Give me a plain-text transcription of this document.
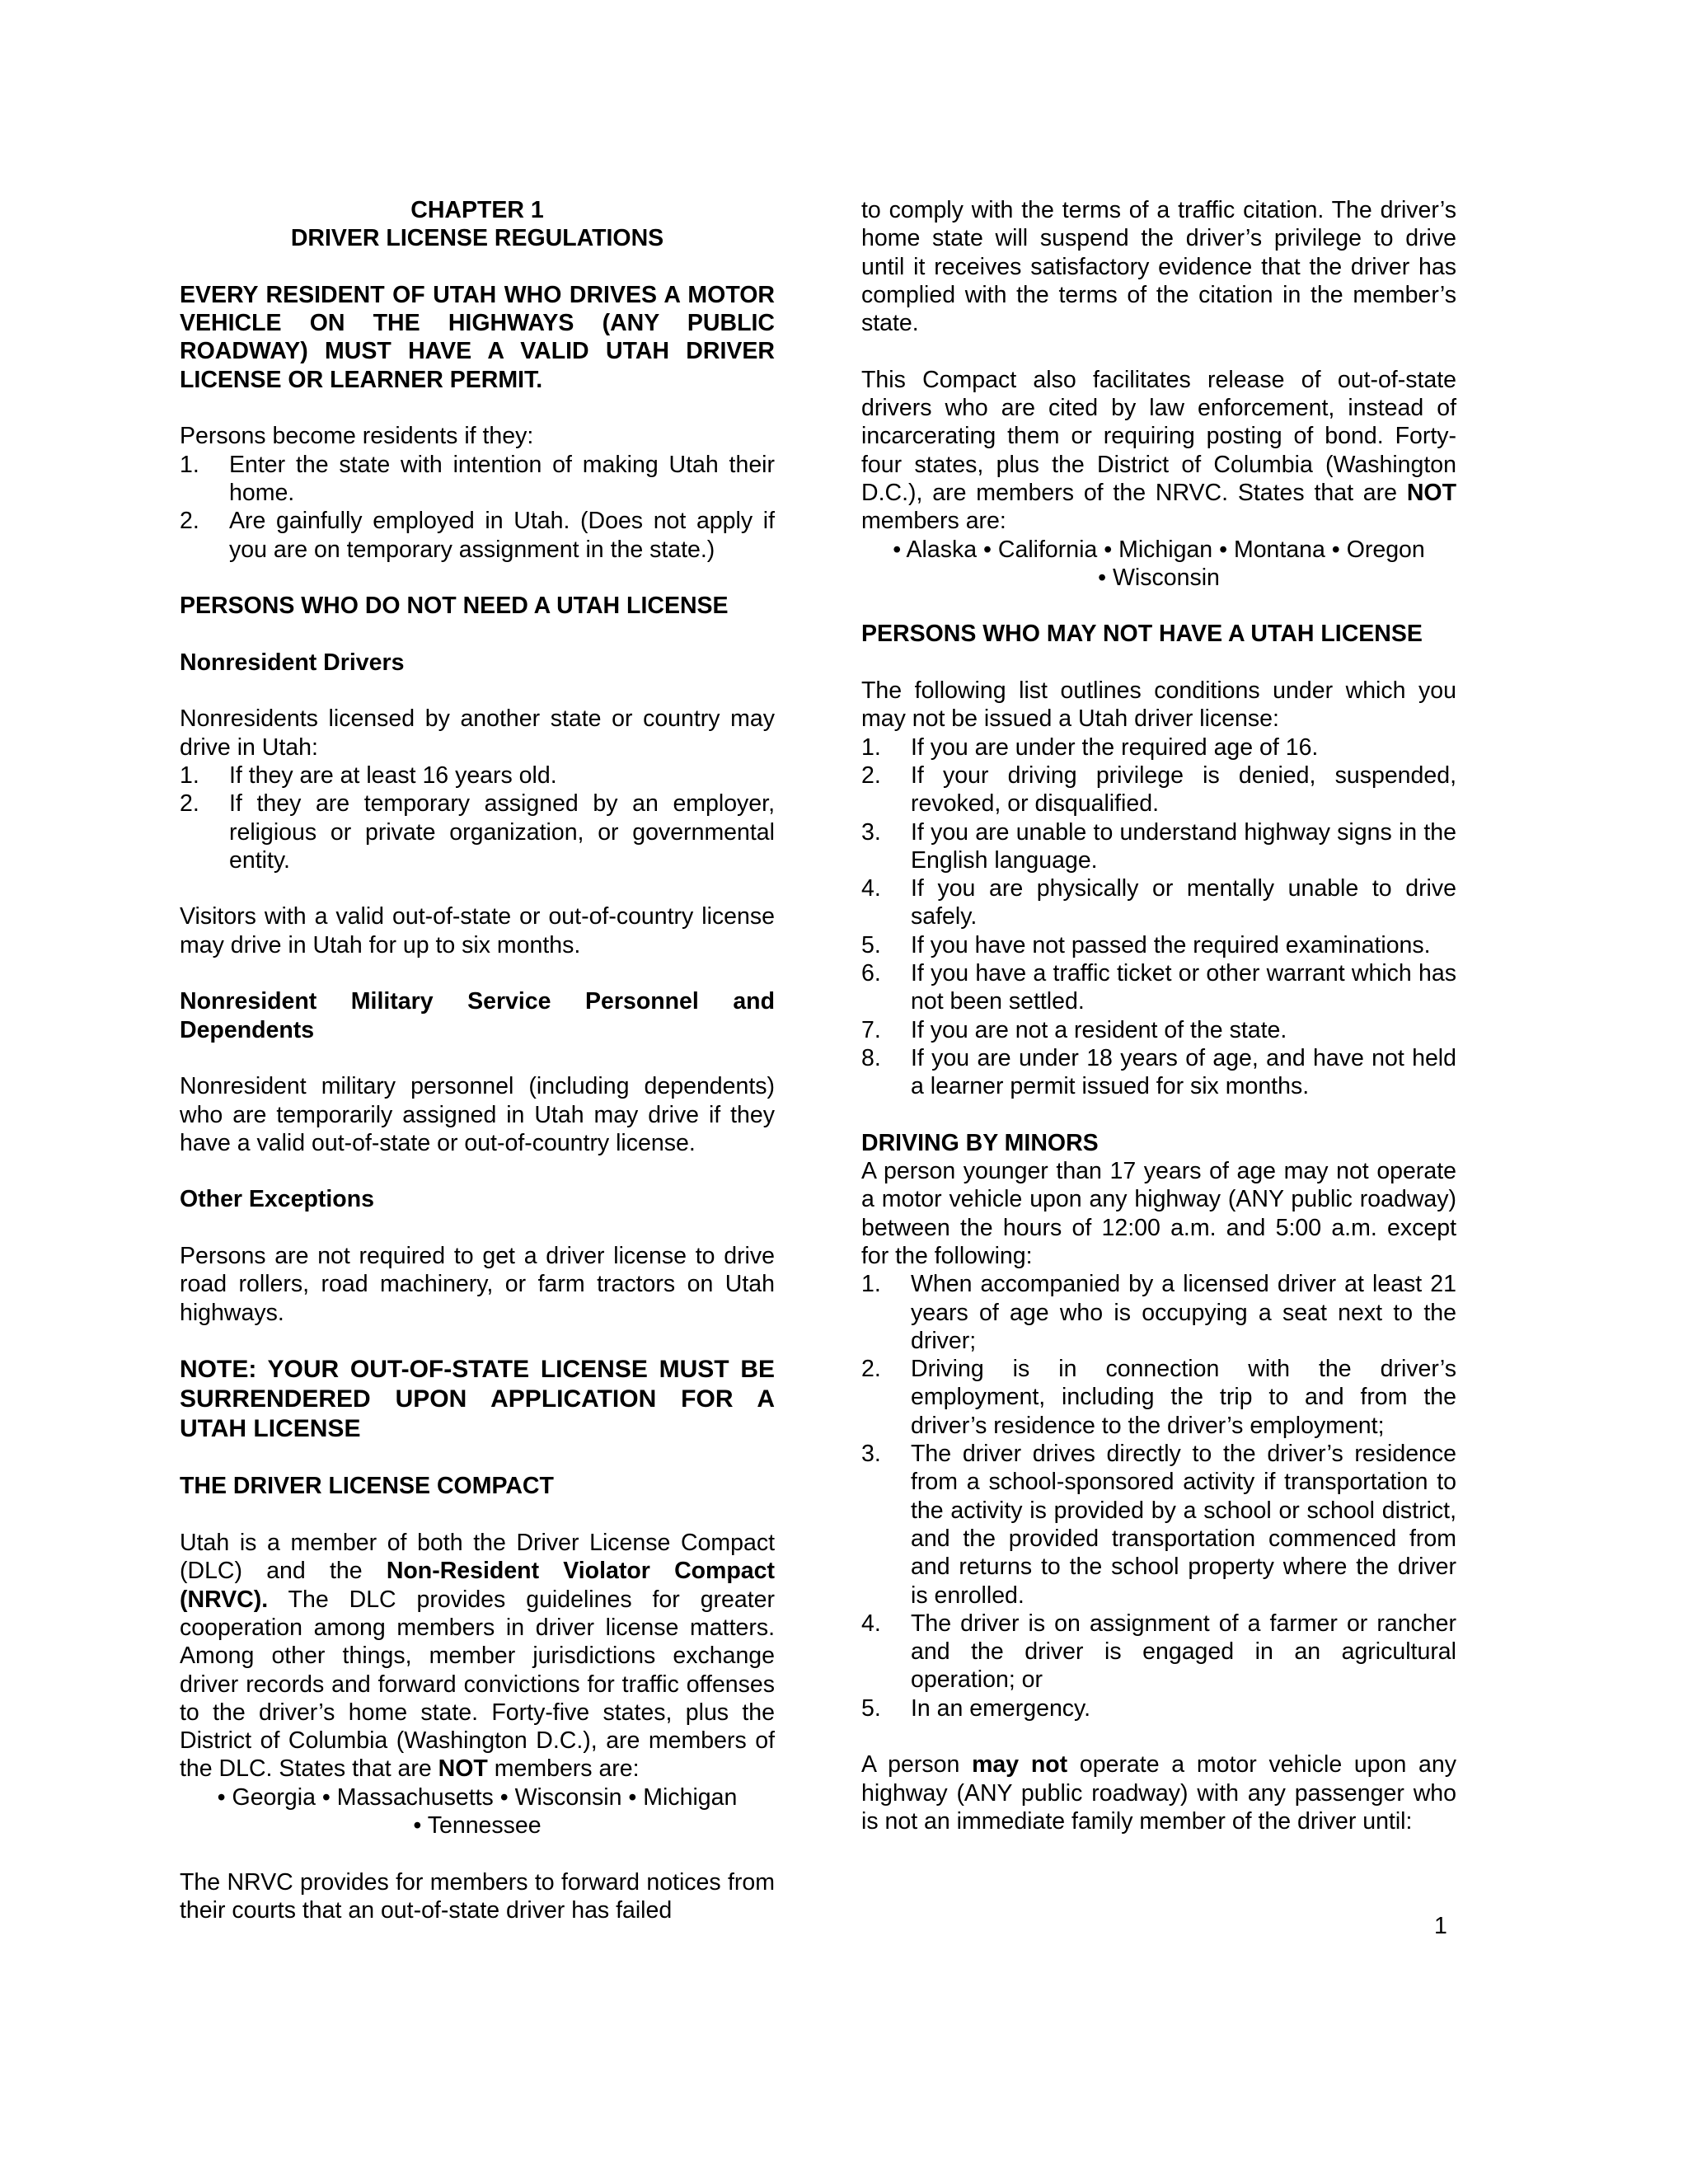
CHAPTER 1

DRIVER LICENSE REGULATIONS

EVERY RESIDENT OF UTAH WHO DRIVES A MOTOR VEHICLE ON THE HIGHWAYS (ANY PUBLIC ROADWAY) MUST HAVE A VALID UTAH DRIVER LICENSE OR LEARNER PERMIT.

Persons become residents if they:

1. Enter the state with intention of making Utah their home.
2. Are gainfully employed in Utah. (Does not apply if you are on temporary assignment in the state.)

PERSONS WHO DO NOT NEED A UTAH LICENSE

Nonresident Drivers

Nonresidents licensed by another state or country may drive in Utah:

1. If they are at least 16 years old.
2. If they are temporary assigned by an employer, religious or private organization, or governmental entity.

Visitors with a valid out-of-state or out-of-country license may drive in Utah for up to six months.

Nonresident Military Service Personnel and Dependents

Nonresident military personnel (including dependents) who are temporarily assigned in Utah may drive if they have a valid out-of-state or out-of-country license.

Other Exceptions

Persons are not required to get a driver license to drive road rollers, road machinery, or farm tractors on Utah highways.

NOTE: YOUR OUT-OF-STATE LICENSE MUST BE SURRENDERED UPON APPLICATION FOR A UTAH LICENSE

THE DRIVER LICENSE COMPACT

Utah is a member of both the Driver License Compact (DLC) and the Non-Resident Violator Compact (NRVC). The DLC provides guidelines for greater cooperation among members in driver license matters. Among other things, member jurisdictions exchange driver records and forward convictions for traffic offenses to the driver’s home state. Forty-five states, plus the District of Columbia (Washington D.C.), are members of the DLC. States that are NOT members are:

• Georgia • Massachusetts • Wisconsin • Michigan

• Tennessee

The NRVC provides for members to forward notices from their courts that an out-of-state driver has failed

to comply with the terms of a traffic citation. The driver’s home state will suspend the driver’s privilege to drive until it receives satisfactory evidence that the driver has complied with the terms of the citation in the member’s state.

This Compact also facilitates release of out-of-state drivers who are cited by law enforcement, instead of incarcerating them or requiring posting of bond. Forty-four states, plus the District of Columbia (Washington D.C.), are members of the NRVC. States that are NOT members are:

• Alaska • California • Michigan • Montana • Oregon

• Wisconsin

PERSONS WHO MAY NOT HAVE A UTAH LICENSE

The following list outlines conditions under which you may not be issued a Utah driver license:

1. If you are under the required age of 16.
2. If your driving privilege is denied, suspended, revoked, or disqualified.
3. If you are unable to understand highway signs in the English language.
4. If you are physically or mentally unable to drive safely.
5. If you have not passed the required examinations.
6. If you have a traffic ticket or other warrant which has not been settled.
7. If you are not a resident of the state.
8. If you are under 18 years of age, and have not held a learner permit issued for six months.

DRIVING BY MINORS

A person younger than 17 years of age may not operate a motor vehicle upon any highway (ANY public roadway) between the hours of 12:00 a.m. and 5:00 a.m. except for the following:

1. When accompanied by a licensed driver at least 21 years of age who is occupying a seat next to the driver;
2. Driving is in connection with the driver’s employment, including the trip to and from the driver’s residence to the driver’s employment;
3. The driver drives directly to the driver’s residence from a school-sponsored activity if transportation to the activity is provided by a school or school district, and the provided transportation commenced from and returns to the school property where the driver is enrolled.
4. The driver is on assignment of a farmer or rancher and the driver is engaged in an agricultural operation; or
5. In an emergency.

A person may not operate a motor vehicle upon any highway (ANY public roadway) with any passenger who is not an immediate family member of the driver until:

1
